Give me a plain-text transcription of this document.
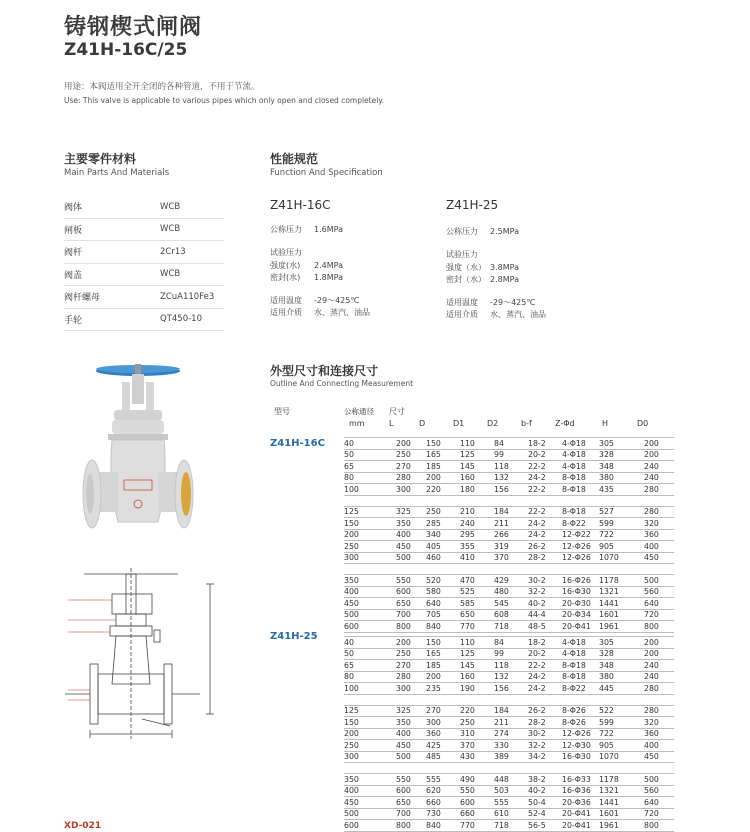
铸钢楔式闸阀
Z41H-16C/25
用途：本阀适用全开全闭的各种管道，不用于节流。
Use: This valve is applicable to various pipes which only open and closed completely.
主要零件材料
Main Parts And Materials
阀体	WCB
闸板	WCB
阀杆	2Cr13
阀盖	WCB
阀杆螺母	ZCuA110Fe3
手轮	QT450-10
性能规范
Function And Specification
Z41H-16C
公称压力 1.6MPa
试验压力
强度(水) 2.4MPa
密封(水) 1.8MPa
适用温度 -29～425℃
适用介质 水、蒸汽、油品
Z41H-25
公称压力 2.5MPa
试验压力
强度（水） 3.8MPa
密封（水） 2.8MPa
适用温度 -29～425℃
适用介质 水、蒸汽、油品
外型尺寸和连接尺寸
Outline And Connecting Measurement
型号	公称通径
mm
尺寸
L	D	D1	D2	b-f	Z-Φd	H	D0
Z41H-16C
Z41H-25
40	200	150	110	84	18-2	4-Φ18	305	200
50	250	165	125	99	20-2	4-Φ18	328	200
65	270	185	145	118	22-2	4-Φ18	348	240
80	280	200	160	132	24-2	8-Φ18	380	240
100	300	220	180	156	22-2	8-Φ18	435	280

125	325	250	210	184	22-2	8-Φ18	527	280
150	350	285	240	211	24-2	8-Φ22	599	320
200	400	340	295	266	24-2	12-Φ22	722	360
250	450	405	355	319	26-2	12-Φ26	905	400
300	500	460	410	370	28-2	12-Φ26	1070	450

350	550	520	470	429	30-2	16-Φ26	1178	500
400	600	580	525	480	32-2	16-Φ30	1321	560
450	650	640	585	545	40-2	20-Φ30	1441	640
500	700	705	650	608	44-4	20-Φ34	1601	720
600	800	840	770	718	48-5	20-Φ41	1961	800
40	200	150	110	84	18-2	4-Φ18	305	200
50	250	165	125	99	20-2	4-Φ18	328	200
65	270	185	145	118	22-2	8-Φ18	348	240
80	280	200	160	132	24-2	8-Φ18	380	240
100	300	235	190	156	24-2	8-Φ22	445	280

125	325	270	220	184	26-2	8-Φ26	522	280
150	350	300	250	211	28-2	8-Φ26	599	320
200	400	360	310	274	30-2	12-Φ26	722	360
250	450	425	370	330	32-2	12-Φ30	905	400
300	500	485	430	389	34-2	16-Φ30	1070	450

350	550	555	490	448	38-2	16-Φ33	1178	500
400	600	620	550	503	40-2	16-Φ36	1321	560
450	650	660	600	555	50-4	20-Φ36	1441	640
500	700	730	660	610	52-4	20-Φ41	1601	720
600	800	840	770	718	56-5	20-Φ41	1961	800
XD-021
